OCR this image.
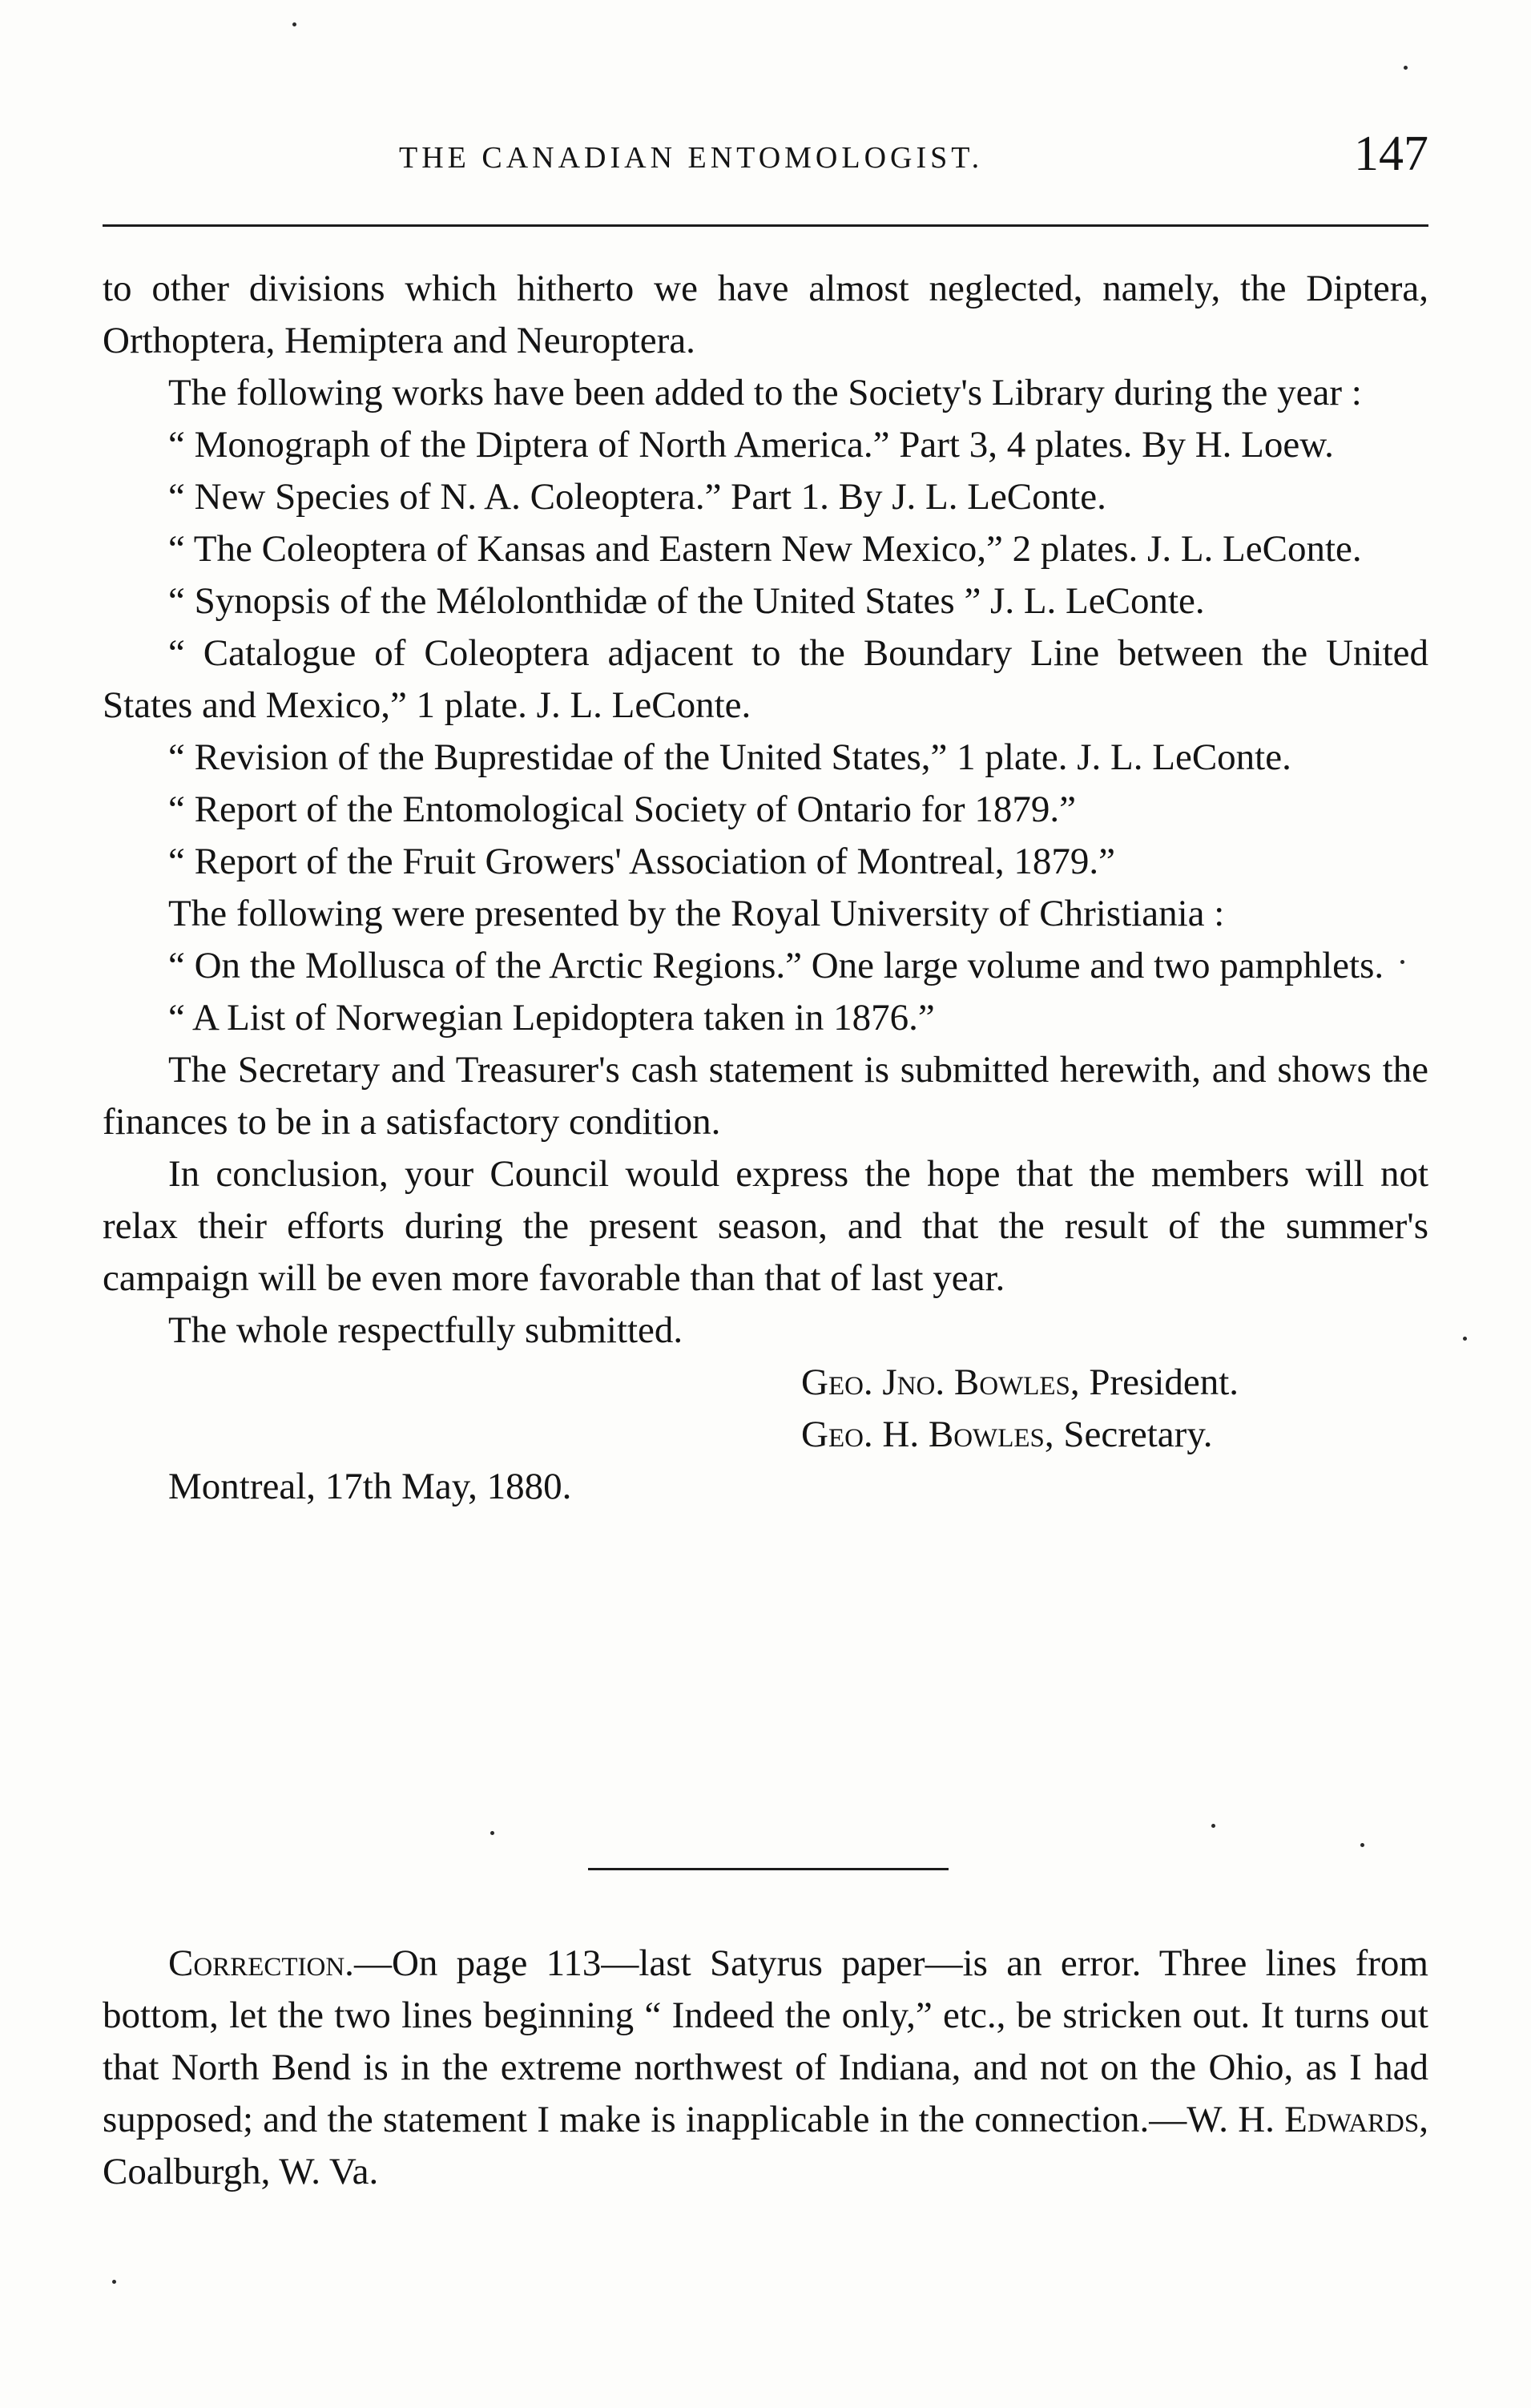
THE CANADIAN ENTOMOLOGIST.	147

to other divisions which hitherto we have almost neglected, namely, the Diptera, Orthoptera, Hemiptera and Neuroptera.

The following works have been added to the Society's Library during the year :

“ Monograph of the Diptera of North America.” Part 3, 4 plates. By H. Loew.

“ New Species of N. A. Coleoptera.” Part 1. By J. L. LeConte.

“ The Coleoptera of Kansas and Eastern New Mexico,” 2 plates. J. L. LeConte.

“ Synopsis of the Mélolonthidæ of the United States ” J. L. LeConte.

“ Catalogue of Coleoptera adjacent to the Boundary Line between the United States and Mexico,” 1 plate. J. L. LeConte.

“ Revision of the Buprestidae of the United States,” 1 plate. J. L. LeConte.

“ Report of the Entomological Society of Ontario for 1879.”

“ Report of the Fruit Growers' Association of Montreal, 1879.”

The following were presented by the Royal University of Christiania :

“ On the Mollusca of the Arctic Regions.” One large volume and two pamphlets.

“ A List of Norwegian Lepidoptera taken in 1876.”

The Secretary and Treasurer's cash statement is submitted herewith, and shows the finances to be in a satisfactory condition.

In conclusion, your Council would express the hope that the members will not relax their efforts during the present season, and that the result of the summer's campaign will be even more favorable than that of last year.

The whole respectfully submitted.

Geo. Jno. Bowles, President.

Geo. H. Bowles, Secretary.

Montreal, 17th May, 1880.

Correction.—On page 113—last Satyrus paper—is an error. Three lines from bottom, let the two lines beginning “ Indeed the only,” etc., be stricken out. It turns out that North Bend is in the extreme northwest of Indiana, and not on the Ohio, as I had supposed; and the statement I make is inapplicable in the connection.—W. H. Edwards, Coalburgh, W. Va.
